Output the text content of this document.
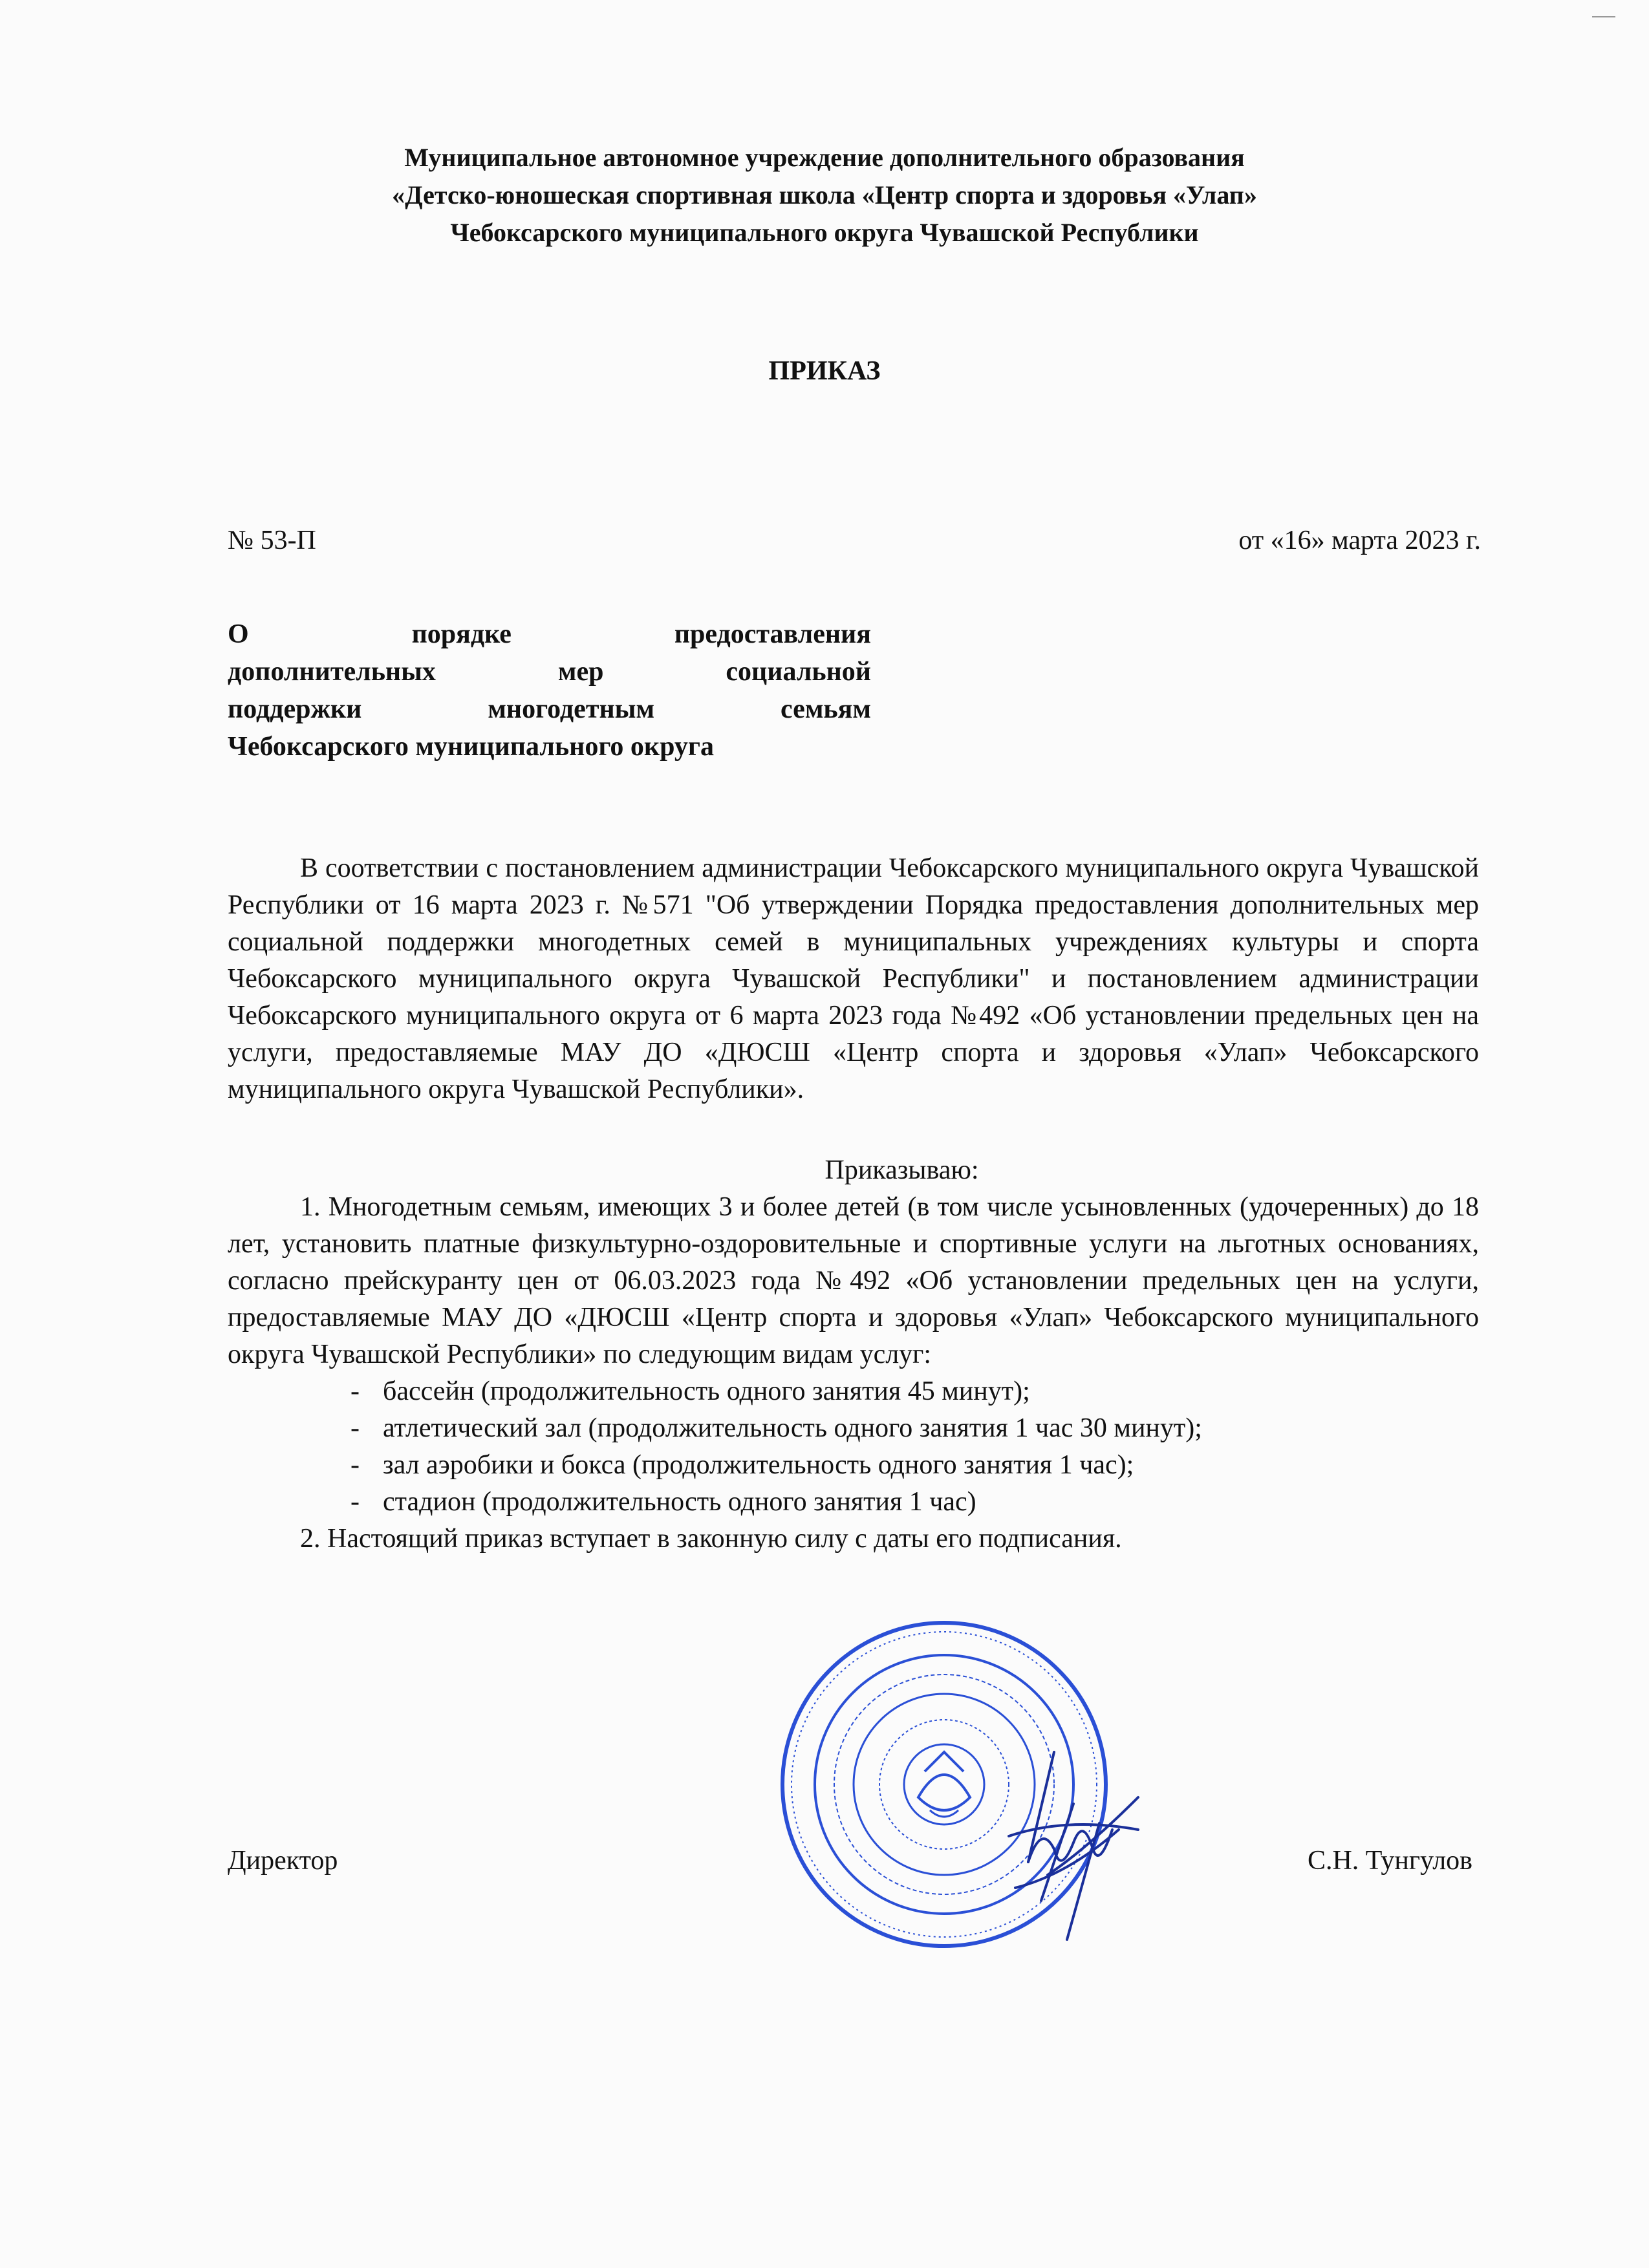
Муниципальное автономное учреждение дополнительного образования
«Детско-юношеская спортивная школа «Центр спорта и здоровья «Улап»
Чебоксарского муниципального округа Чувашской Республики
ПРИКАЗ
№ 53-П	от «16» марта 2023 г.
О	порядке	предоставления
дополнительных	мер	социальной
поддержки	многодетным	семьям
Чебоксарского муниципального округа

В соответствии с постановлением администрации Чебоксарского муниципального округа Чувашской Республики от 16 марта 2023 г. №571 "Об утверждении Порядка предоставления дополнительных мер социальной поддержки многодетных семей в муниципальных учреждениях культуры и спорта Чебоксарского муниципального округа Чувашской Республики" и постановлением администрации Чебоксарского муниципального округа от 6 марта 2023 года №492 «Об установлении предельных цен на услуги, предоставляемые МАУ ДО «ДЮСШ «Центр спорта и здоровья «Улап» Чебоксарского муниципального округа Чувашской Республики».

Приказываю:

1. Многодетным семьям, имеющих 3 и более детей (в том числе усыновленных (удочеренных) до 18 лет, установить платные физкультурно-оздоровительные и спортивные услуги на льготных основаниях, согласно прейскуранту цен от 06.03.2023 года №492 «Об установлении предельных цен на услуги, предоставляемые МАУ ДО «ДЮСШ «Центр спорта и здоровья «Улап» Чебоксарского муниципального округа Чувашской Республики» по следующим видам услуг:

- бассейн (продолжительность одного занятия 45 минут);
- атлетический зал (продолжительность одного занятия 1 час 30 минут);
- зал аэробики и бокса (продолжительность одного занятия 1 час);
- стадион (продолжительность одного занятия 1 час)

2. Настоящий приказ вступает в законную силу с даты его подписания.

Директор	С.Н. Тунгулов
